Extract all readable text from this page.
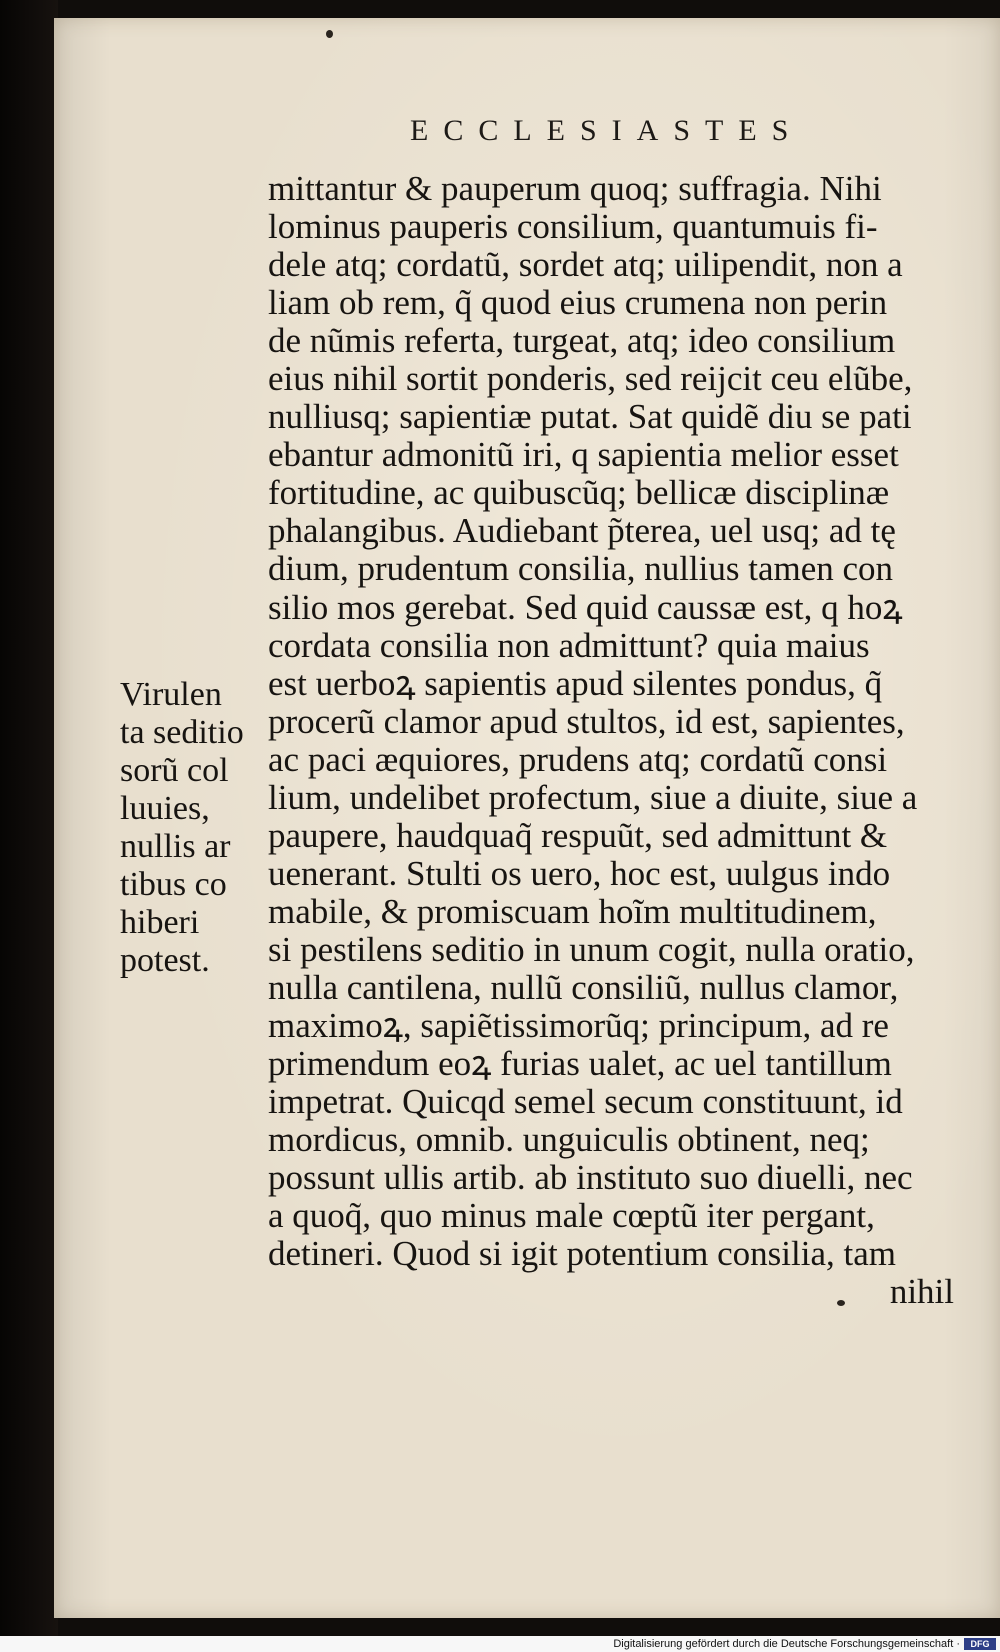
ECCLESIASTES
mittantur & pauperum quoq; suffragia. Nihi
lominus pauperis consilium, quantumuis fi-
dele atq; cordatũ, sordet atq; uilipendit, non a
liam ob rem, q̃ quod eius crumena non perin
de nũmis referta, turgeat, atq; ideo consilium
eius nihil sortit ponderis, sed reijcit ceu elũbe,
nulliusq; sapientiæ putat. Sat quidẽ diu se pati
ebantur admonitũ iri, q sapientia melior esset
fortitudine, ac quibuscũq; bellicæ disciplinæ
phalangibus. Audiebant p̃terea, uel usq; ad tę
dium, prudentum consilia, nullius tamen con
silio mos gerebat. Sed quid caussæ est, q hoꝝ
cordata consilia non admittunt? quia maius
est uerboꝝ sapientis apud silentes pondus, q̃
procerũ clamor apud stultos, id est, sapientes,
ac paci æquiores, prudens atq; cordatũ consi
lium, undelibet profectum, siue a diuite, siue a
paupere, haudquaq̃ respuũt, sed admittunt &
uenerant. Stulti os uero, hoc est, uulgus indo
mabile, & promiscuam hoĩm multitudinem,
si pestilens seditio in unum cogit, nulla oratio,
nulla cantilena, nullũ consiliũ, nullus clamor,
maximoꝝ, sapiẽtissimorũq; principum, ad re
primendum eoꝝ furias ualet, ac uel tantillum
impetrat. Quicqd semel secum constituunt, id
mordicus, omnib. unguiculis obtinent, neq;
possunt ullis artib. ab instituto suo diuelli, nec
a quoq̃, quo minus male cœptũ iter pergant,
detineri. Quod si igit potentium consilia, tam
nihil
Virulen
ta seditio
sorũ col
luuies,
nullis ar
tibus co
hiberi
potest.
Digitalisierung gefördert durch die Deutsche Forschungsgemeinschaft ·	DFG
